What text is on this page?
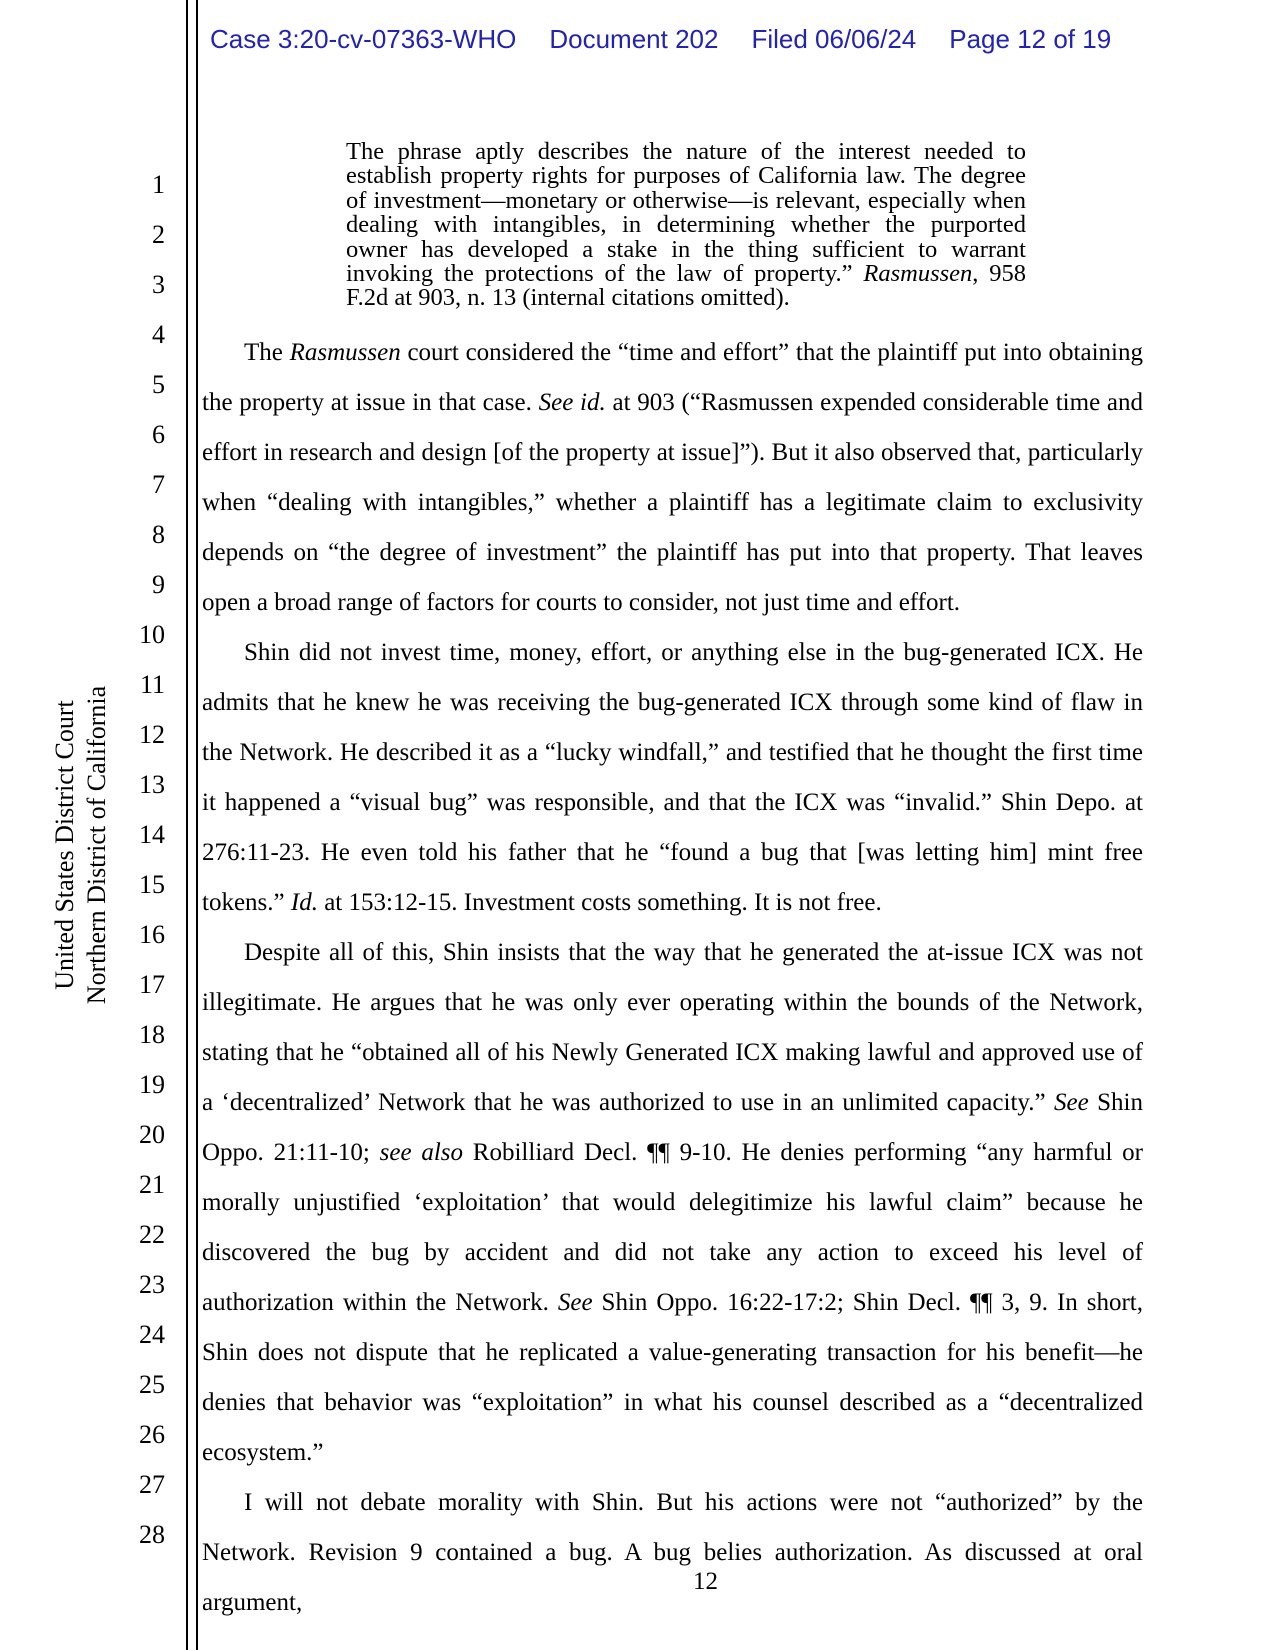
Case 3:20-cv-07363-WHO Document 202 Filed 06/06/24 Page 12 of 19
1
2
3
4
5
6
7
8
9
10
11
12
13
14
15
16
17
18
19
20
21
22
23
24
25
26
27
28
United States District Court Northern District of California
The phrase aptly describes the nature of the interest needed to establish property rights for purposes of California law. The degree of investment—monetary or otherwise—is relevant, especially when dealing with intangibles, in determining whether the purported owner has developed a stake in the thing sufficient to warrant invoking the protections of the law of property.” Rasmussen, 958 F.2d at 903, n. 13 (internal citations omitted).

The Rasmussen court considered the “time and effort” that the plaintiff put into obtaining the property at issue in that case. See id. at 903 (“Rasmussen expended considerable time and effort in research and design [of the property at issue]”). But it also observed that, particularly when “dealing with intangibles,” whether a plaintiff has a legitimate claim to exclusivity depends on “the degree of investment” the plaintiff has put into that property. That leaves open a broad range of factors for courts to consider, not just time and effort.

Shin did not invest time, money, effort, or anything else in the bug-generated ICX. He admits that he knew he was receiving the bug-generated ICX through some kind of flaw in the Network. He described it as a “lucky windfall,” and testified that he thought the first time it happened a “visual bug” was responsible, and that the ICX was “invalid.” Shin Depo. at 276:11-23. He even told his father that he “found a bug that [was letting him] mint free tokens.” Id. at 153:12-15. Investment costs something. It is not free.

Despite all of this, Shin insists that the way that he generated the at-issue ICX was not illegitimate. He argues that he was only ever operating within the bounds of the Network, stating that he “obtained all of his Newly Generated ICX making lawful and approved use of a ‘decentralized’ Network that he was authorized to use in an unlimited capacity.” See Shin Oppo. 21:11-10; see also Robilliard Decl. ¶¶ 9-10. He denies performing “any harmful or morally unjustified ‘exploitation’ that would delegitimize his lawful claim” because he discovered the bug by accident and did not take any action to exceed his level of authorization within the Network. See Shin Oppo. 16:22-17:2; Shin Decl. ¶¶ 3, 9. In short, Shin does not dispute that he replicated a value-generating transaction for his benefit—he denies that behavior was “exploitation” in what his counsel described as a “decentralized ecosystem.”

I will not debate morality with Shin. But his actions were not “authorized” by the Network. Revision 9 contained a bug. A bug belies authorization. As discussed at oral argument,

12
